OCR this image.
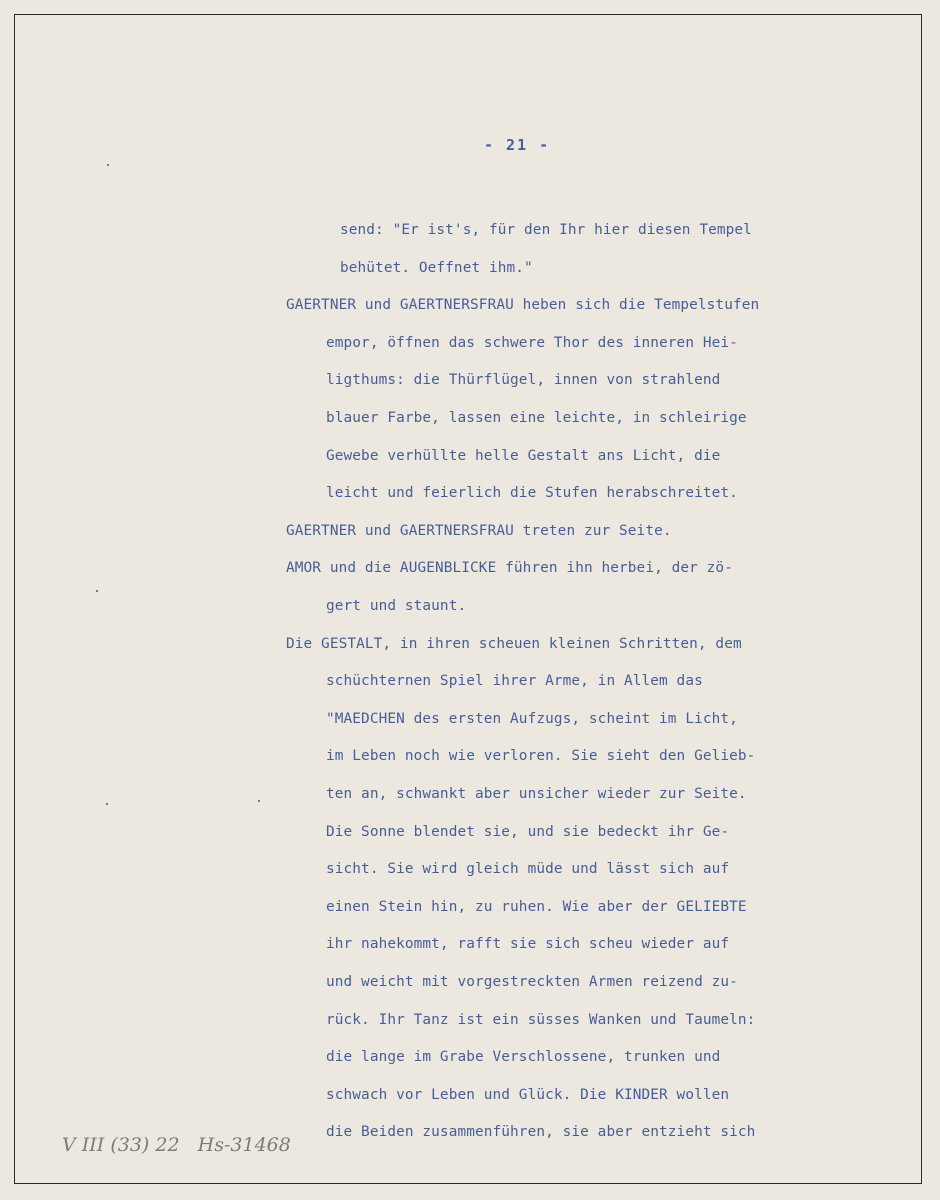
- 21 -
send: "Er ist's, für den Ihr hier diesen Tempel
behütet. Oeffnet ihm."
GAERTNER und GAERTNERSFRAU heben sich die Tempelstufen
empor, öffnen das schwere Thor des inneren Hei-
ligthums: die Thürflügel, innen von strahlend
blauer Farbe, lassen eine leichte, in schleirige
Gewebe verhüllte helle Gestalt ans Licht, die
leicht und feierlich die Stufen herabschreitet.
GAERTNER und GAERTNERSFRAU treten zur Seite.
AMOR und die AUGENBLICKE führen ihn herbei, der zö-
gert und staunt.
Die GESTALT, in ihren scheuen kleinen Schritten, dem
schüchternen Spiel ihrer Arme, in Allem das
"MAEDCHEN des ersten Aufzugs, scheint im Licht,
im Leben noch wie verloren. Sie sieht den Gelieb-
ten an, schwankt aber unsicher wieder zur Seite.
Die Sonne blendet sie, und sie bedeckt ihr Ge-
sicht. Sie wird gleich müde und lässt sich auf
einen Stein hin, zu ruhen. Wie aber der GELIEBTE
ihr nahekommt, rafft sie sich scheu wieder auf
und weicht mit vorgestreckten Armen reizend zu-
rück. Ihr Tanz ist ein süsses Wanken und Taumeln:
die lange im Grabe Verschlossene, trunken und
schwach vor Leben und Glück. Die KINDER wollen
die Beiden zusammenführen, sie aber entzieht sich
V III (33) 22   Hs-31468
